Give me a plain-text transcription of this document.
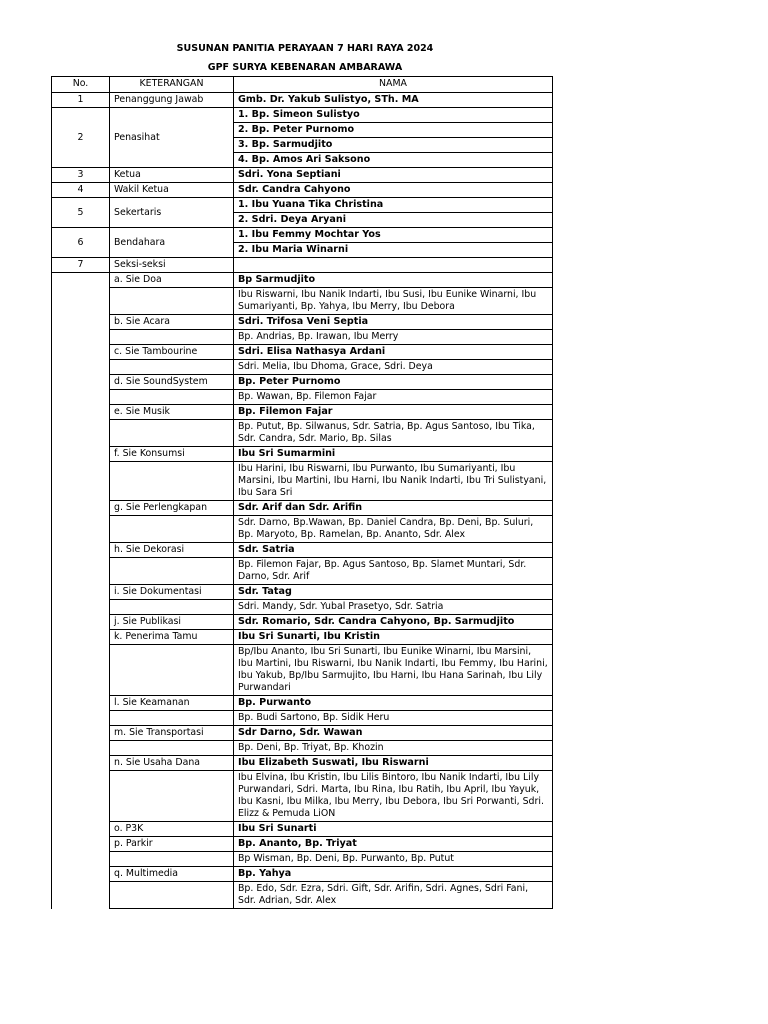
SUSUNAN PANITIA PERAYAAN 7 HARI RAYA 2024
GPF SURYA KEBENARAN AMBARAWA
No.	KETERANGAN	NAMA
1	Penanggung Jawab	Gmb. Dr. Yakub Sulistyo, STh. MA
2	Penasihat	1. Bp. Simeon Sulistyo
		2. Bp. Peter Purnomo
		3. Bp. Sarmudjito
		4. Bp. Amos Ari Saksono
3	Ketua	Sdri. Yona Septiani
4	Wakil Ketua	Sdr. Candra Cahyono
5	Sekertaris	1. Ibu Yuana Tika Christina
		2. Sdri. Deya Aryani
6	Bendahara	1. Ibu Femmy Mochtar Yos
		2. Ibu Maria Winarni
7	Seksi-seksi	
	a. Sie Doa	Bp Sarmudjito
		Ibu Riswarni, Ibu Nanik Indarti, Ibu Susi, Ibu Eunike Winarni, Ibu Sumariyanti, Bp. Yahya, Ibu Merry, Ibu Debora
	b. Sie Acara	Sdri. Trifosa Veni Septia
		Bp. Andrias, Bp. Irawan, Ibu Merry
	c. Sie Tambourine	Sdri. Elisa Nathasya Ardani
		Sdri. Melia, Ibu Dhoma, Grace, Sdri. Deya
	d. Sie SoundSystem	Bp. Peter Purnomo
		Bp. Wawan, Bp. Filemon Fajar
	e. Sie Musik	Bp. Filemon Fajar
		Bp. Putut, Bp. Silwanus, Sdr. Satria, Bp. Agus Santoso, Ibu Tika, Sdr. Candra, Sdr. Mario, Bp. Silas
	f. Sie Konsumsi	Ibu Sri Sumarmini
		Ibu Harini, Ibu Riswarni, Ibu Purwanto, Ibu Sumariyanti, Ibu Marsini, Ibu Martini, Ibu Harni, Ibu Nanik Indarti, Ibu Tri Sulistyani, Ibu Sara Sri
	g. Sie Perlengkapan	Sdr. Arif dan Sdr. Arifin
		Sdr. Darno, Bp.Wawan, Bp. Daniel Candra, Bp. Deni, Bp. Suluri, Bp. Maryoto, Bp. Ramelan, Bp. Ananto, Sdr. Alex
	h. Sie Dekorasi	Sdr. Satria
		Bp. Filemon Fajar, Bp. Agus Santoso, Bp. Slamet Muntari, Sdr. Darno, Sdr. Arif
	i. Sie Dokumentasi	Sdr. Tatag
		Sdri. Mandy, Sdr. Yubal Prasetyo, Sdr. Satria
	j. Sie Publikasi	Sdr. Romario, Sdr. Candra Cahyono, Bp. Sarmudjito
	k. Penerima Tamu	Ibu Sri Sunarti, Ibu Kristin
		Bp/Ibu Ananto, Ibu Sri Sunarti, Ibu Eunike Winarni, Ibu Marsini, Ibu Martini, Ibu Riswarni, Ibu Nanik Indarti, Ibu Femmy, Ibu Harini, Ibu Yakub, Bp/Ibu Sarmujito, Ibu Harni, Ibu Hana Sarinah, Ibu Lily Purwandari
	l. Sie Keamanan	Bp. Purwanto
		Bp. Budi Sartono, Bp. Sidik Heru
	m. Sie Transportasi	Sdr Darno, Sdr. Wawan
		Bp. Deni, Bp. Triyat, Bp. Khozin
	n. Sie Usaha Dana	Ibu Elizabeth Suswati, Ibu Riswarni
		Ibu Elvina, Ibu Kristin, Ibu Lilis Bintoro, Ibu Nanik Indarti, Ibu Lily Purwandari, Sdri. Marta, Ibu Rina, Ibu Ratih, Ibu April, Ibu Yayuk, Ibu Kasni, Ibu Milka, Ibu Merry, Ibu Debora, Ibu Sri Porwanti, Sdri. Elizz & Pemuda LiON
	o. P3K	Ibu Sri Sunarti
	p. Parkir	Bp. Ananto, Bp. Triyat
		Bp Wisman, Bp. Deni, Bp. Purwanto, Bp. Putut
	q. Multimedia	Bp. Yahya
		Bp. Edo, Sdr. Ezra, Sdri. Gift, Sdr. Arifin, Sdri. Agnes, Sdri Fani, Sdr. Adrian, Sdr. Alex
